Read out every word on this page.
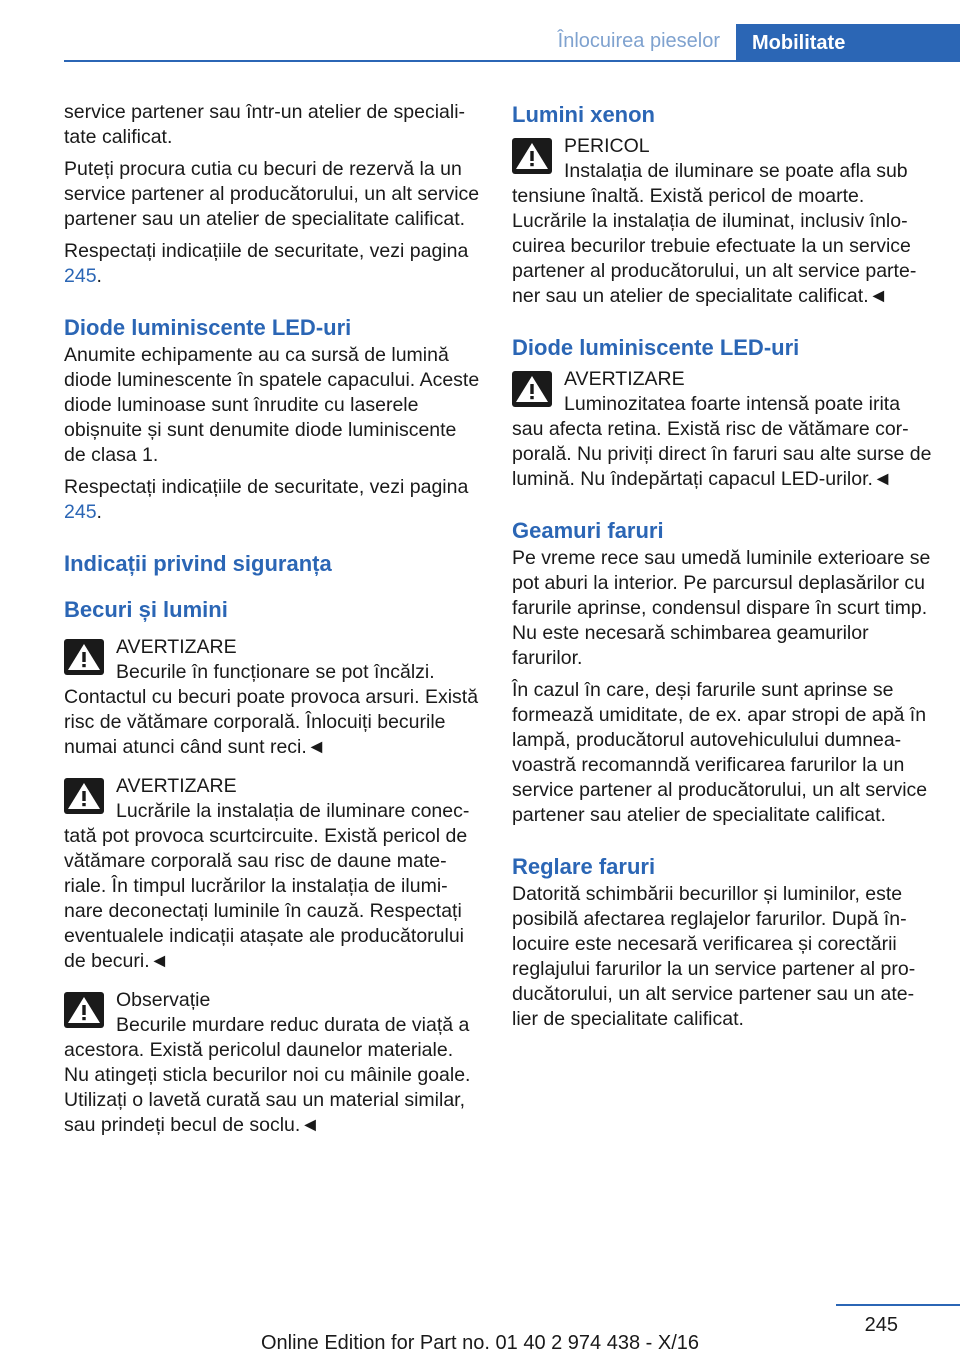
Înlocuirea pieselor	Mobilitate

service partener sau într-un atelier de specialitate calificat.

Puteți procura cutia cu becuri de rezervă la un service partener al producătorului, un alt service partener sau un atelier de specialitate calificat.

Respectați indicațiile de securitate, vezi pagina 245.

Diode luminiscente LED-uri

Anumite echipamente au ca sursă de lumină diode luminescente în spatele capacului. Aceste diode luminoase sunt înrudite cu laserele obișnuite și sunt denumite diode luminiscente de clasa 1.

Respectați indicațiile de securitate, vezi pagina 245.

Indicații privind siguranța
Becuri și lumini
AVERTIZARE
Becurile în funcționare se pot încălzi.
Contactul cu becuri poate provoca arsuri. Există risc de vătămare corporală. Înlocuiți becurile numai atunci când sunt reci.◄
AVERTIZARE
Lucrările la instalația de iluminare conectată pot provoca scurtcircuite. Există pericol de vătămare corporală sau risc de daune materiale. În timpul lucrărilor la instalația de iluminare deconectați luminile în cauză. Respectați eventualele indicații atașate ale producătorului de becuri.◄
Observație
Becurile murdare reduc durata de viață a acestora. Există pericolul daunelor materiale. Nu atingeți sticla becurilor noi cu mâinile goale. Utilizați o lavetă curată sau un material similar, sau prindeți becul de soclu.◄
Lumini xenon
PERICOL
Instalația de iluminare se poate afla sub tensiune înaltă. Există pericol de moarte. Lucrările la instalația de iluminat, inclusiv înlocuirea becurilor trebuie efectuate la un service partener al producătorului, un alt service partener sau un atelier de specialitate calificat.◄
Diode luminiscente LED-uri
AVERTIZARE
Luminozitatea foarte intensă poate irita sau afecta retina. Există risc de vătămare corporală. Nu priviți direct în faruri sau alte surse de lumină. Nu îndepărtați capacul LED-urilor.◄
Geamuri faruri

Pe vreme rece sau umedă luminile exterioare se pot aburi la interior. Pe parcursul deplasărilor cu farurile aprinse, condensul dispare în scurt timp. Nu este necesară schimbarea geamurilor farurilor.

În cazul în care, deși farurile sunt aprinse se formează umiditate, de ex. apar stropi de apă în lampă, producătorul autovehiculului dumneavoastră recomanndă verificarea farurilor la un service partener al producătorului, un alt service partener sau atelier de specialitate calificat.

Reglare faruri

Datorită schimbării becurillor și luminilor, este posibilă afectarea reglajelor farurilor. După înlocuire este necesară verificarea și corectării reglajului farurilor la un service partener al producătorului, un alt service partener sau un atelier de specialitate calificat.

245
Online Edition for Part no. 01 40 2 974 438 - X/16
